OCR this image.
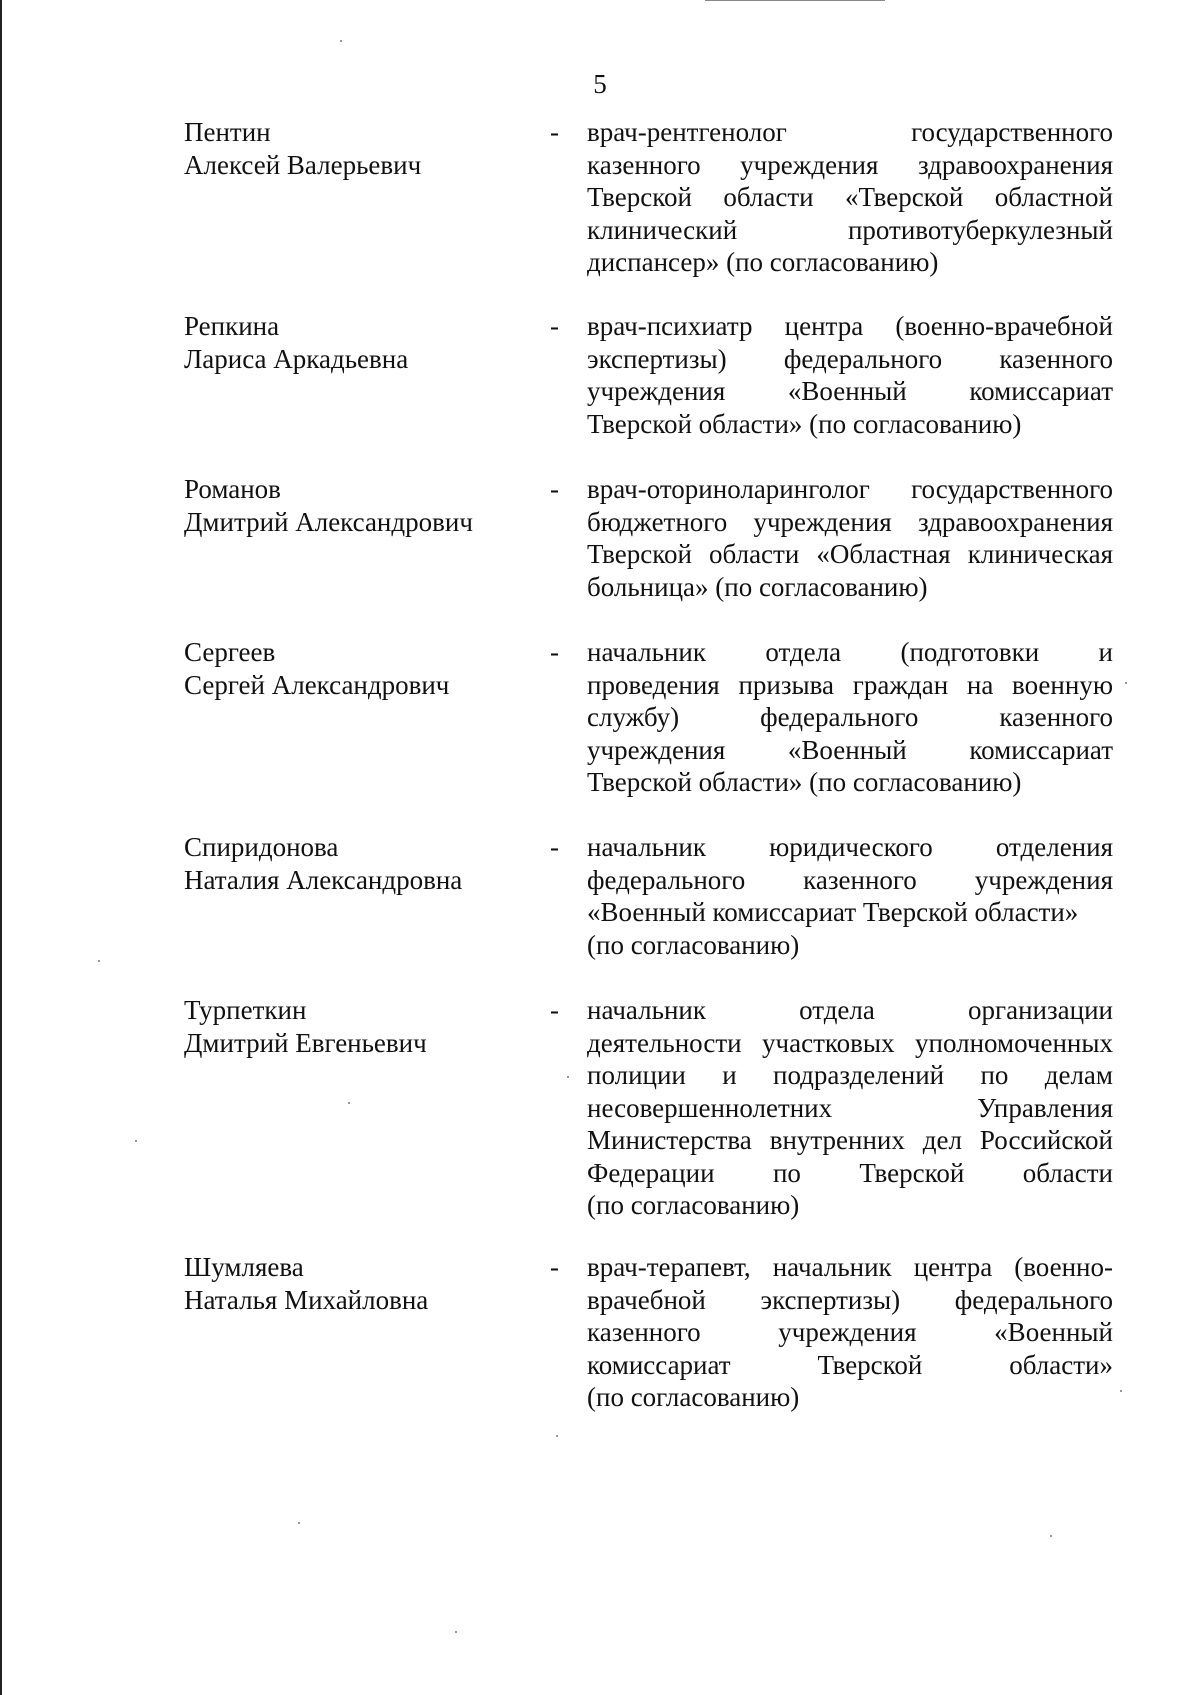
5
Пентин
Алексей Валерьевич
- врач-рентгенолог государственного
казенного учреждения здравоохранения
Тверской области «Тверской областной
клинический противотуберкулезный
диспансер» (по согласованию)
Репкина
Лариса Аркадьевна
- врач-психиатр центра (военно-врачебной
экспертизы) федерального казенного
учреждения «Военный комиссариат
Тверской области» (по согласованию)
Романов
Дмитрий Александрович
- врач-оториноларинголог государственного
бюджетного учреждения здравоохранения
Тверской области «Областная клиническая
больница» (по согласованию)
Сергеев
Сергей Александрович
- начальник отдела (подготовки и
проведения призыва граждан на военную
службу) федерального казенного
учреждения «Военный комиссариат
Тверской области» (по согласованию)
Спиридонова
Наталия Александровна
- начальник юридического отделения
федерального казенного учреждения
«Военный комиссариат Тверской области»
(по согласованию)
Турпеткин
Дмитрий Евгеньевич
- начальник отдела организации
деятельности участковых уполномоченных
полиции и подразделений по делам
несовершеннолетних Управления
Министерства внутренних дел Российской
Федерации по Тверской области
(по согласованию)
Шумляева
Наталья Михайловна
- врач-терапевт, начальник центра (военно-
врачебной экспертизы) федерального
казенного учреждения «Военный
комиссариат Тверской области»
(по согласованию)
